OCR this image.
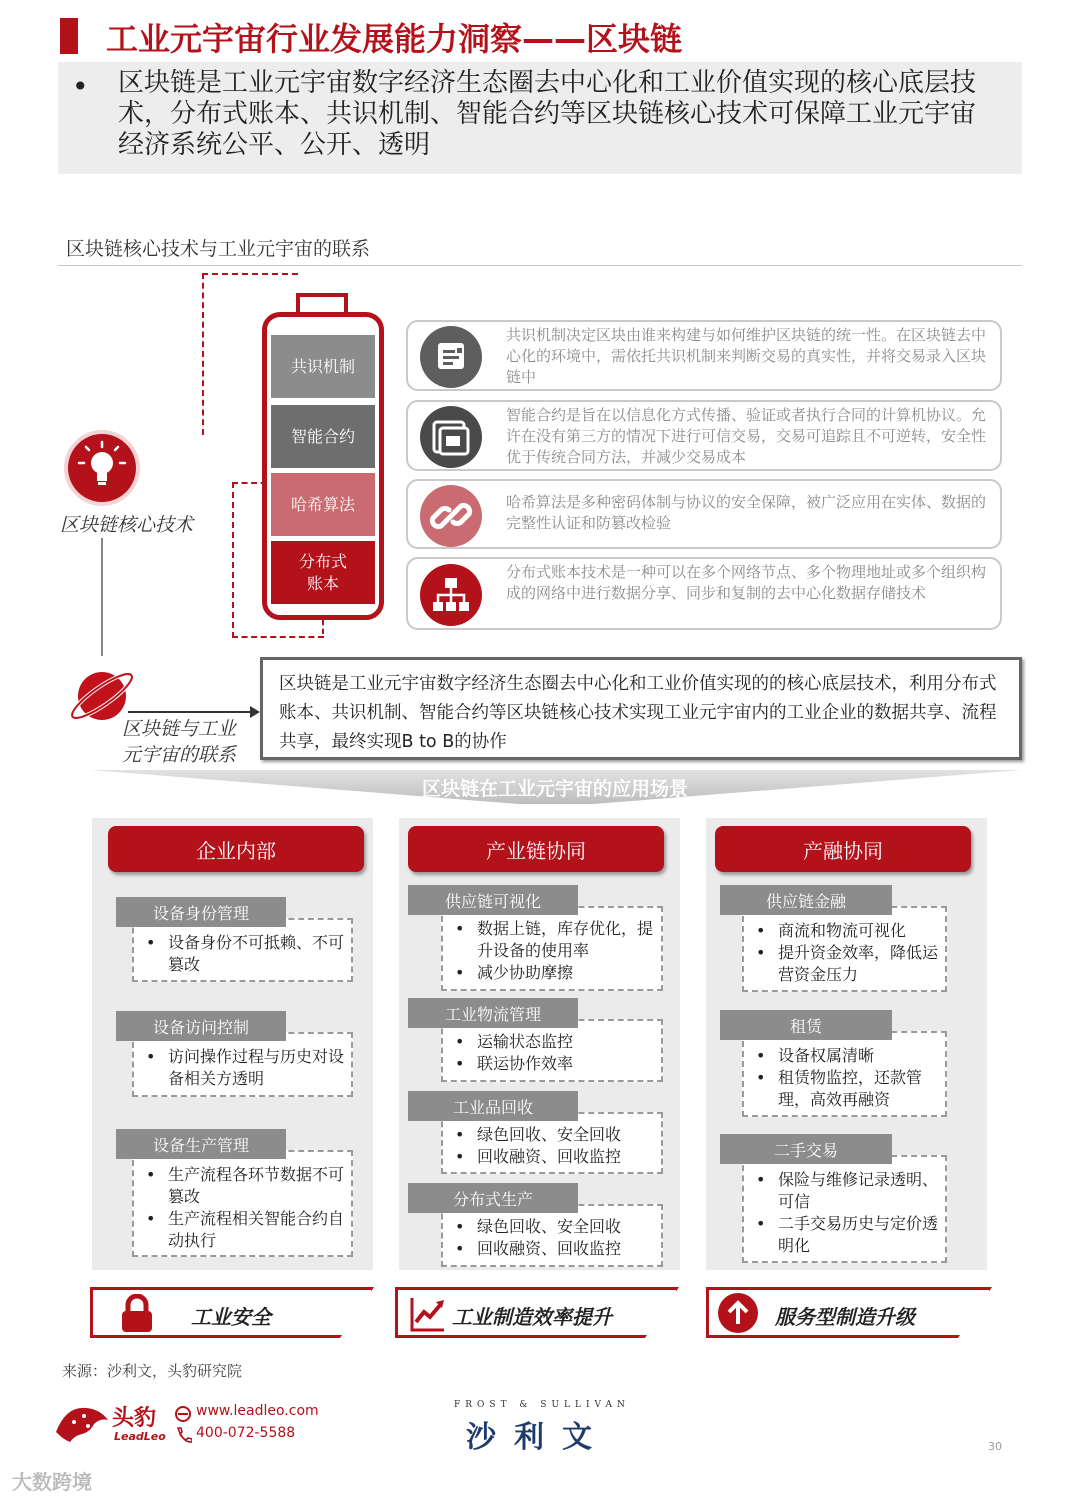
工业元宇宙行业发展能力洞察——区块链
• 区块链是工业元宇宙数字经济生态圈去中心化和工业价值实现的核心底层技术，分布式账本、共识机制、智能合约等区块链核心技术可保障工业元宇宙经济系统公平、公开、透明
区块链核心技术与工业元宇宙的联系
共识机制
智能合约
哈希算法
分布式账本
区块链核心技术
区块链与工业
元宇宙的联系
共识机制决定区块由谁来构建与如何维护区块链的统一性。在区块链去中心化的环境中，需依托共识机制来判断交易的真实性，并将交易录入区块链中
智能合约是旨在以信息化方式传播、验证或者执行合同的计算机协议。允许在没有第三方的情况下进行可信交易，交易可追踪且不可逆转，安全性优于传统合同方法，并减少交易成本
哈希算法是多种密码体制与协议的安全保障，被广泛应用在实体、数据的完整性认证和防篡改检验
分布式账本技术是一种可以在多个网络节点、多个物理地址或多个组织构成的网络中进行数据分享、同步和复制的去中心化数据存储技术
区块链是工业元宇宙数字经济生态圈去中心化和工业价值实现的的核心底层技术，利用分布式账本、共识机制、智能合约等区块链核心技术实现工业元宇宙内的工业企业的数据共享、流程共享，最终实现B to B的协作
区块链在工业元宇宙的应用场景
企业内部
• 设备身份不可抵赖、不可篡改
设备身份管理
• 访问操作过程与历史对设备相关方透明
设备访问控制
• 生产流程各环节数据不可篡改
• 生产流程相关智能合约自动执行
设备生产管理
产业链协同
• 数据上链，库存优化，提升设备的使用率
• 减少协助摩擦
供应链可视化
• 运输状态监控
• 联运协作效率
工业物流管理
• 绿色回收、安全回收
• 回收融资、回收监控
工业品回收
• 绿色回收、安全回收
• 回收融资、回收监控
分布式生产
产融协同
• 商流和物流可视化
• 提升资金效率，降低运营资金压力
供应链金融
• 设备权属清晰
• 租赁物监控，还款管理，高效再融资
租赁
• 保险与维修记录透明、可信
• 二手交易历史与定价透明化
二手交易
工业安全	工业制造效率提升	服务型制造升级
来源：沙利文，头豹研究院
头豹
LeadLeo
www.leadleo.com
400-072-5588
FROST & SULLIVAN
沙利文	30
大数跨境
